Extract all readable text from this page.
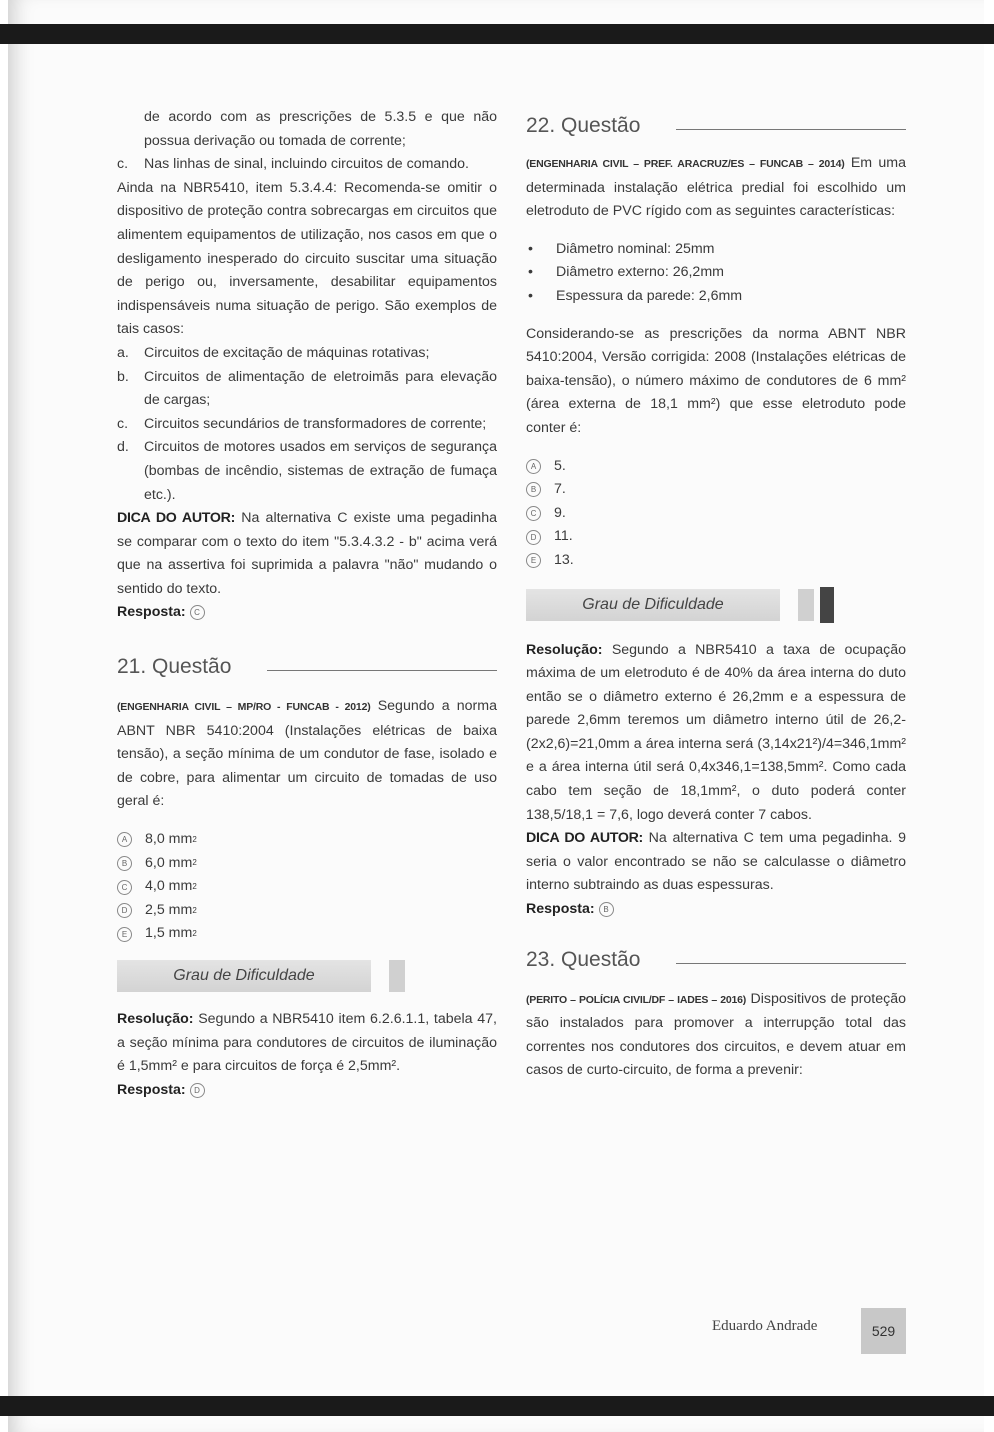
de acordo com as prescrições de 5.3.5 e que não possua derivação ou tomada de corrente;

c.	Nas linhas de sinal, incluindo circuitos de comando.

Ainda na NBR5410, item 5.3.4.4: Recomenda-se omitir o dispositivo de proteção contra sobrecargas em circuitos que alimentem equipamentos de utilização, nos casos em que o desligamento inesperado do circuito suscitar uma situação de perigo ou, inversamente, desabilitar equipamentos indispensáveis numa situação de perigo. São exemplos de tais casos:

a.	Circuitos de excitação de máquinas rotativas;
b.	Circuitos de alimentação de eletroimãs para elevação de cargas;
c.	Circuitos secundários de transformadores de corrente;
d.	Circuitos de motores usados em serviços de segurança (bombas de incêndio, sistemas de extração de fumaça etc.).

DICA DO AUTOR: Na alternativa C existe uma pegadinha se comparar com o texto do item "5.3.4.3.2 - b" acima verá que na assertiva foi suprimida a palavra "não" mudando o sentido do texto.

Resposta: C

21. Questão

(ENGENHARIA CIVIL – MP/RO - FUNCAB - 2012) Segundo a norma ABNT NBR 5410:2004 (Instalações elétricas de baixa tensão), a seção mínima de um condutor de fase, isolado e de cobre, para alimentar um circuito de tomadas de uso geral é:

A	8,0 mm 2
B	6,0 mm 2
C	4,0 mm 2
D	2,5 mm 2
E	1,5 mm 2
Grau de Dificuldade

Resolução: Segundo a NBR5410 item 6.2.6.1.1, tabela 47, a seção mínima para condutores de circuitos de iluminação é 1,5mm² e para circuitos de força é 2,5mm².

Resposta: D

22. Questão

(ENGENHARIA CIVIL – PREF. ARACRUZ/ES – FUNCAB – 2014) Em uma determinada instalação elétrica predial foi escolhido um eletroduto de PVC rígido com as seguintes características:

•	Diâmetro nominal: 25mm
•	Diâmetro externo: 26,2mm
•	Espessura da parede: 2,6mm

Considerando-se as prescrições da norma ABNT NBR 5410:2004, Versão corrigida: 2008 (Instalações elétricas de baixa-tensão), o número máximo de condutores de 6 mm² (área externa de 18,1 mm²) que esse eletroduto pode conter é:

A	5.
B	7.
C	9.
D	11.
E	13.
Grau de Dificuldade

Resolução: Segundo a NBR5410 a taxa de ocupação máxima de um eletroduto é de 40% da área interna do duto então se o diâmetro externo é 26,2mm e a espessura de parede 2,6mm teremos um diâmetro interno útil de 26,2-(2x2,6)=21,0mm a área interna será (3,14x21²)/4=346,1mm² e a área interna útil será 0,4x346,1=138,5mm². Como cada cabo tem seção de 18,1mm², o duto poderá conter 138,5/18,1 = 7,6, logo deverá conter 7 cabos.

DICA DO AUTOR: Na alternativa C tem uma pegadinha. 9 seria o valor encontrado se não se calculasse o diâmetro interno subtraindo as duas espessuras.

Resposta: B

23. Questão

(PERITO – POLÍCIA CIVIL/DF – IADES – 2016) Dispositivos de proteção são instalados para promover a interrupção total das correntes nos condutores dos circuitos, e devem atuar em casos de curto-circuito, de forma a prevenir:

Eduardo Andrade	529
